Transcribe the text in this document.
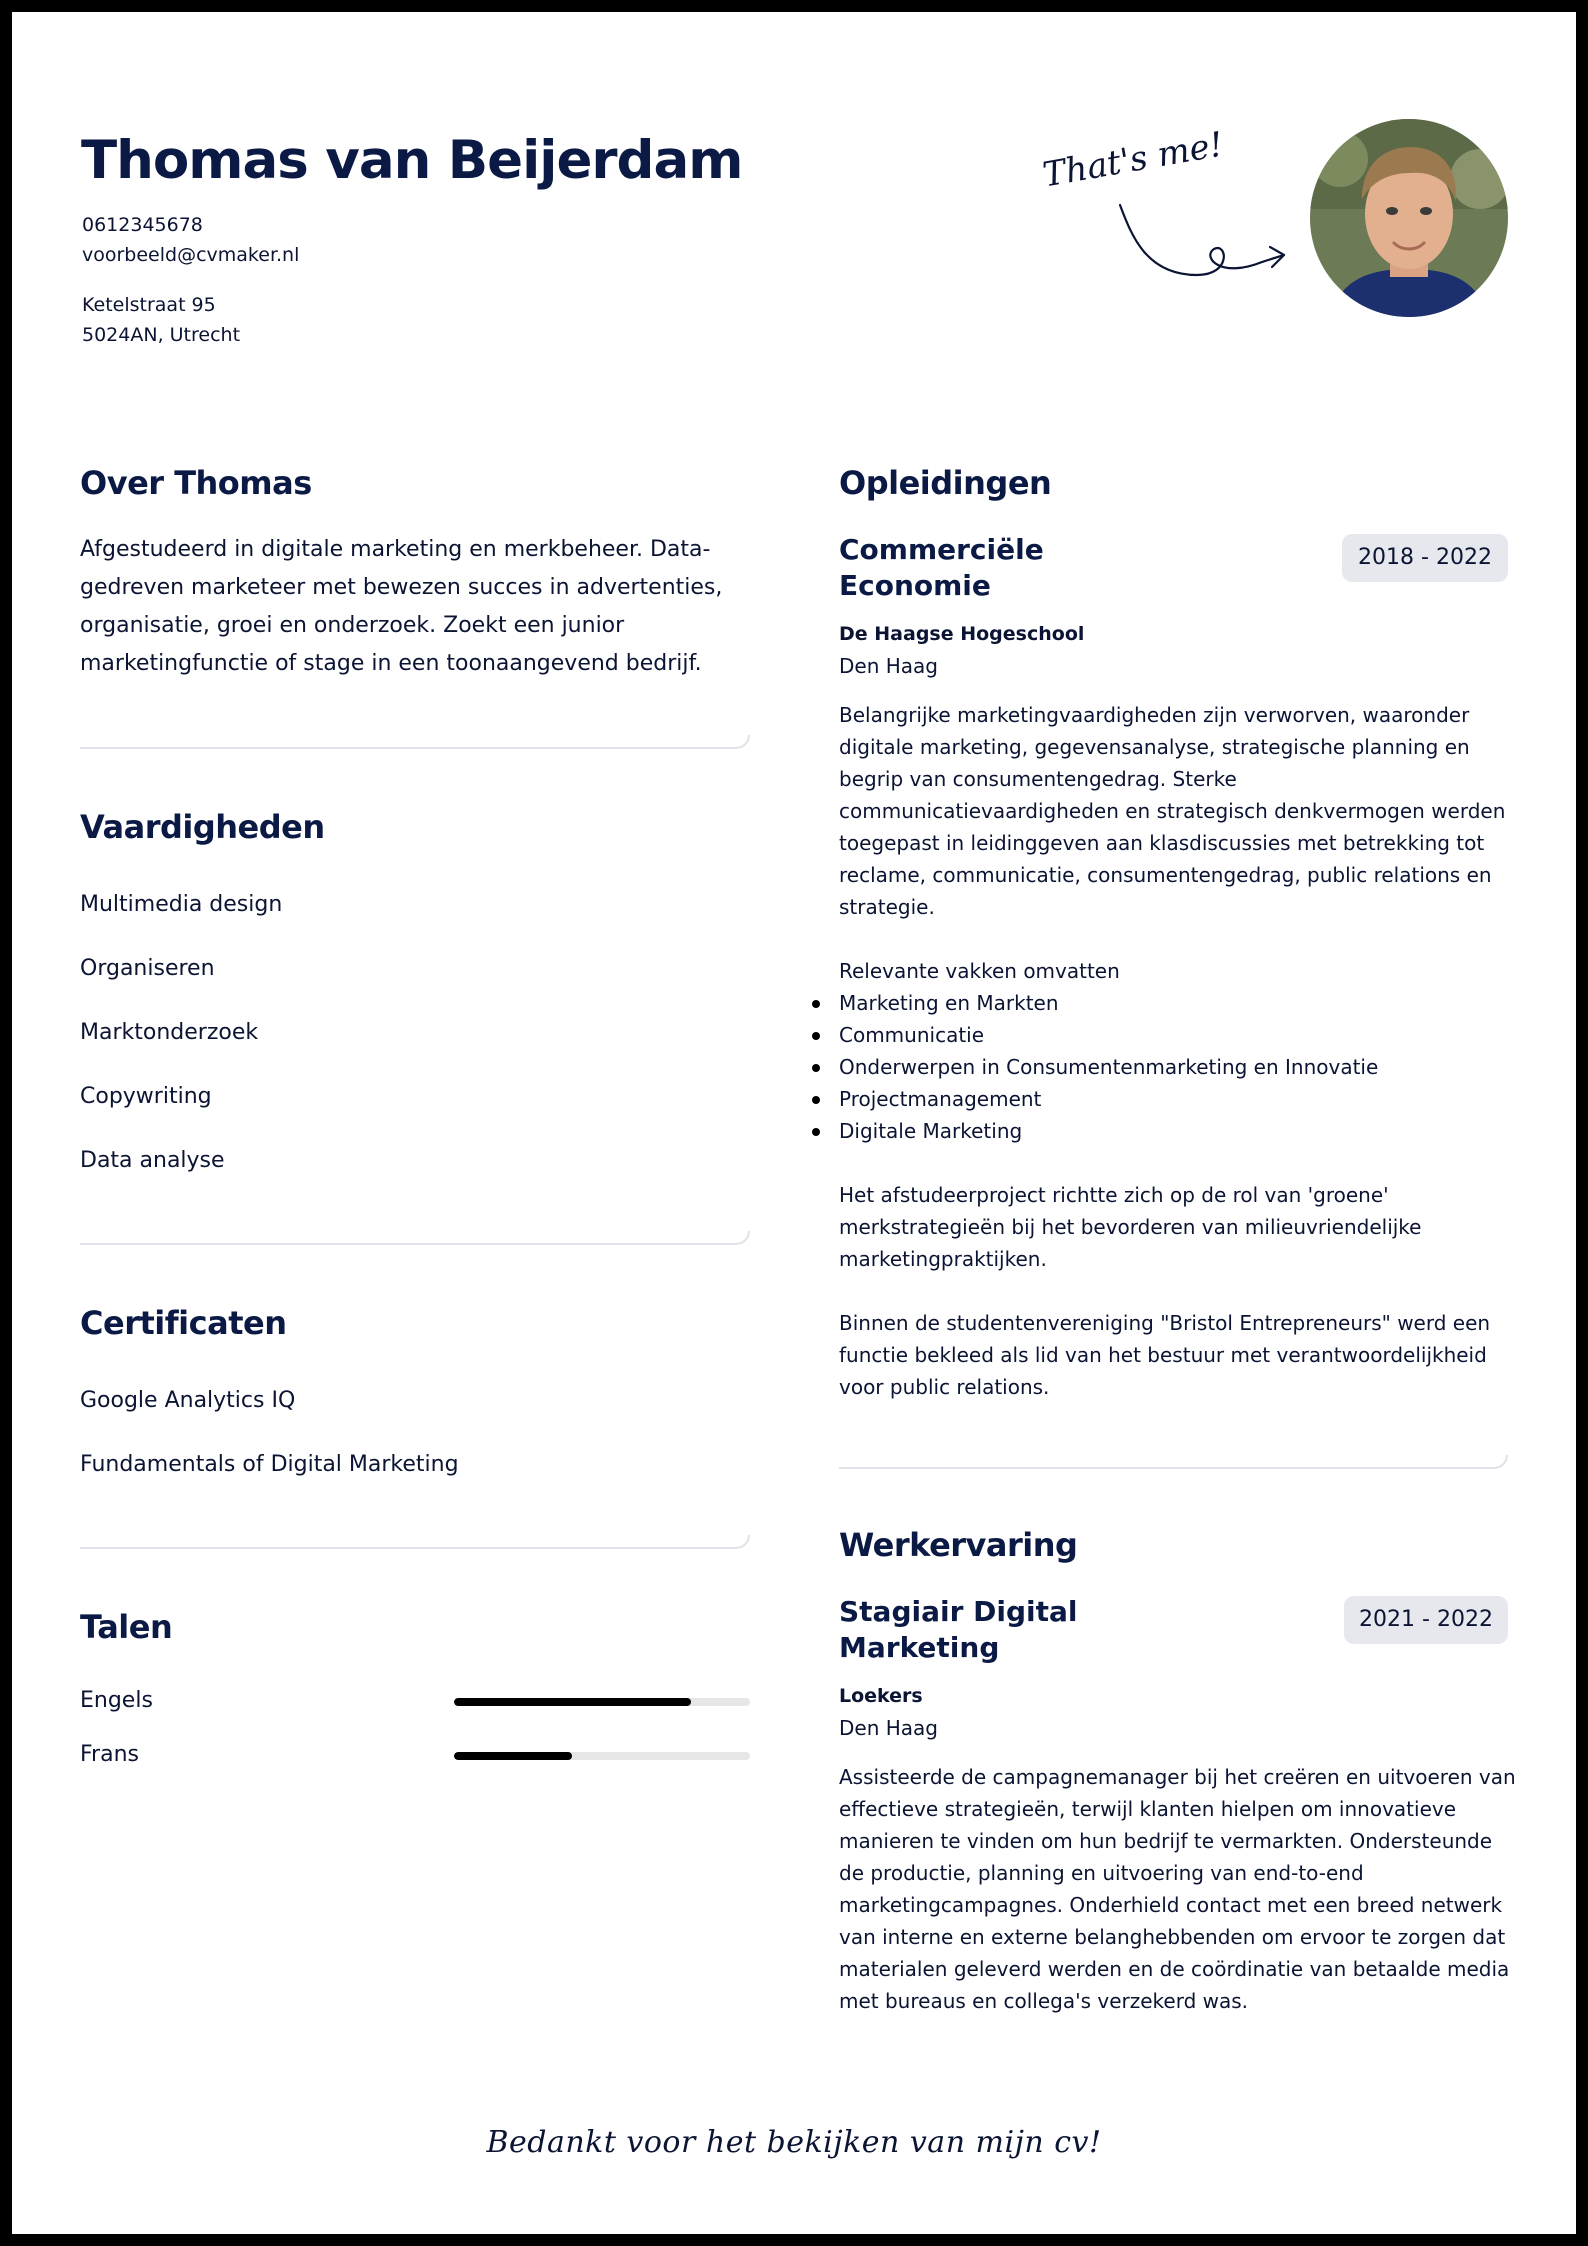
Thomas van Beijerdam
0612345678
voorbeeld@cvmaker.nl
Ketelstraat 95
5024AN, Utrecht
That's me!
Over Thomas
Afgestudeerd in digitale marketing en merkbeheer. Data-gedreven marketeer met bewezen succes in advertenties, organisatie, groei en onderzoek. Zoekt een junior marketingfunctie of stage in een toonaangevend bedrijf.
Vaardigheden
Multimedia design
Organiseren
Marktonderzoek
Copywriting
Data analyse
Certificaten
Google Analytics IQ
Fundamentals of Digital Marketing
Talen
Engels
Frans
Opleidingen
Commerciële
Economie
2018 - 2022
De Haagse Hogeschool
Den Haag
Belangrijke marketingvaardigheden zijn verworven, waaronder digitale marketing, gegevensanalyse, strategische planning en begrip van consumentengedrag. Sterke communicatievaardigheden en strategisch denkvermogen werden toegepast in leidinggeven aan klasdiscussies met betrekking tot reclame, communicatie, consumentengedrag, public relations en strategie.
Relevante vakken omvatten
Marketing en Markten
Communicatie
Onderwerpen in Consumentenmarketing en Innovatie
Projectmanagement
Digitale Marketing
Het afstudeerproject richtte zich op de rol van 'groene' merkstrategieën bij het bevorderen van milieuvriendelijke marketingpraktijken.
Binnen de studentenvereniging "Bristol Entrepreneurs" werd een functie bekleed als lid van het bestuur met verantwoordelijkheid voor public relations.
Werkervaring
Stagiair Digital
Marketing
2021 - 2022
Loekers
Den Haag
Assisteerde de campagnemanager bij het creëren en uitvoeren van effectieve strategieën, terwijl klanten hielpen om innovatieve manieren te vinden om hun bedrijf te vermarkten. Ondersteunde de productie, planning en uitvoering van end-to-end marketingcampagnes. Onderhield contact met een breed netwerk van interne en externe belanghebbenden om ervoor te zorgen dat materialen geleverd werden en de coördinatie van betaalde media met bureaus en collega's verzekerd was.
Bedankt voor het bekijken van mijn cv!
